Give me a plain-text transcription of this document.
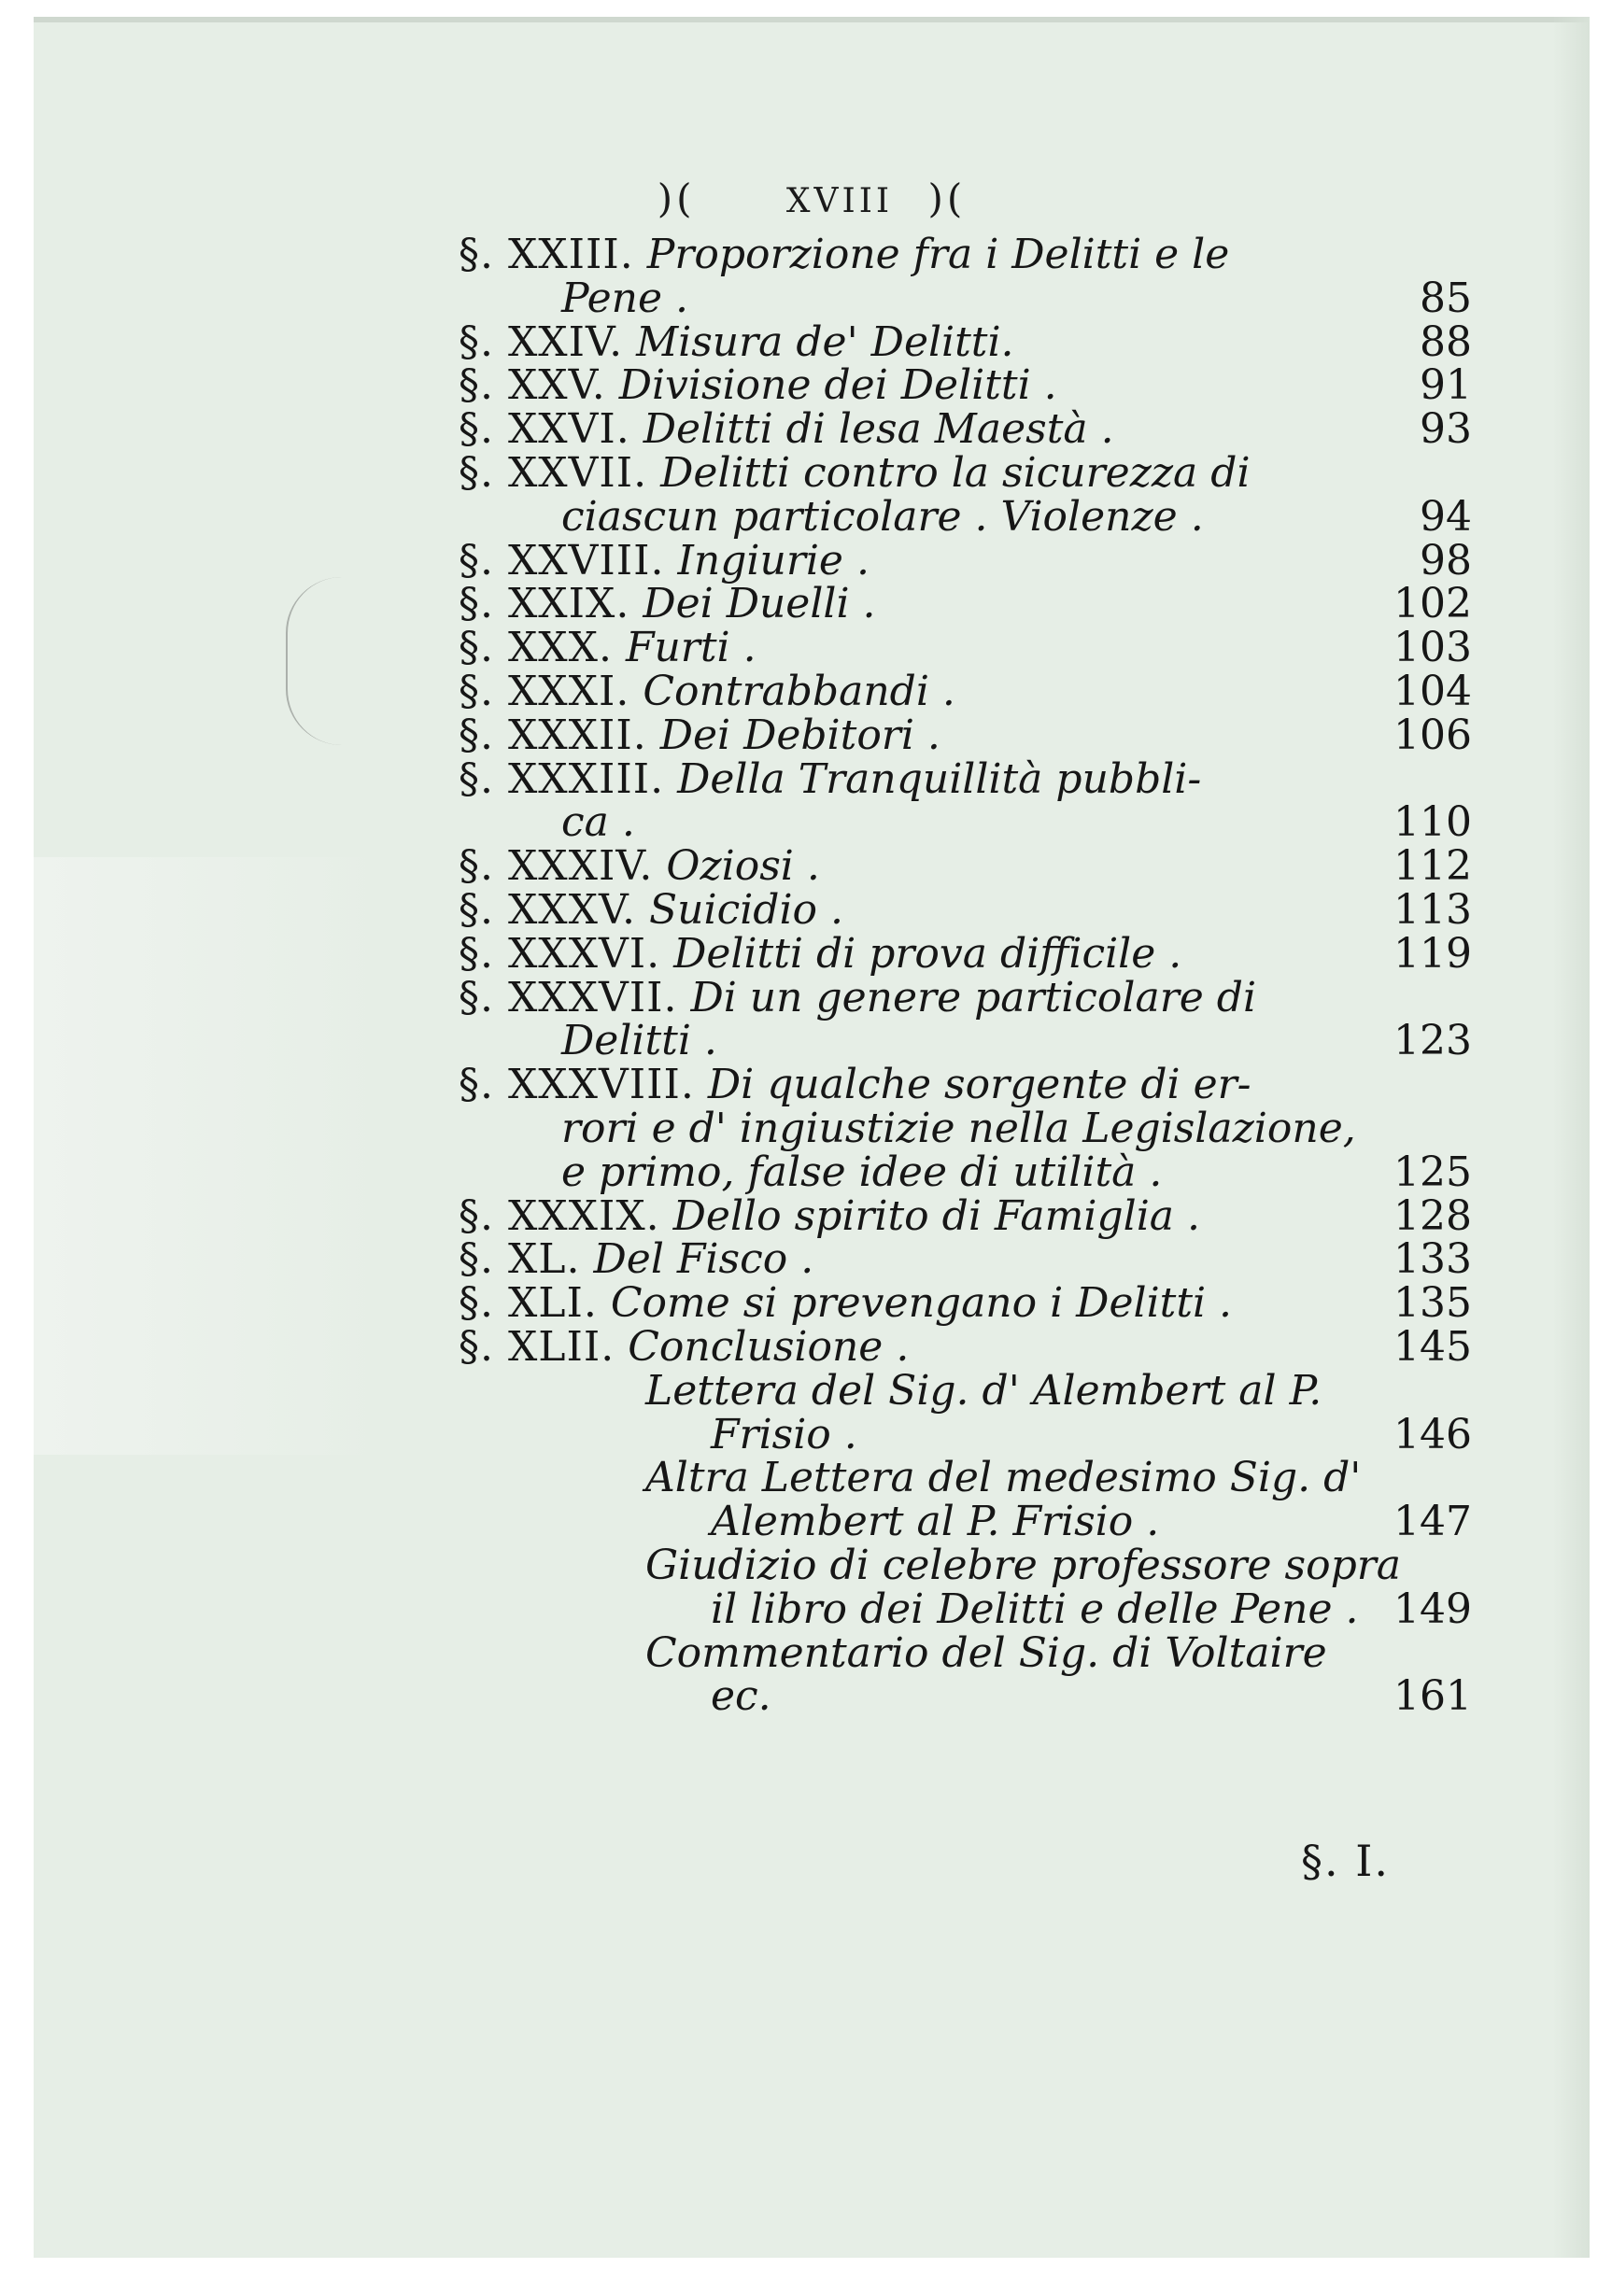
)(	XVIII )(
§. XXIII. Proporzione fra i Delitti e le
Pene .	85
§. XXIV. Misura de' Delitti.	88
§. XXV. Divisione dei Delitti .	91
§. XXVI. Delitti di lesa Maestà .	93
§. XXVII. Delitti contro la sicurezza di
ciascun particolare . Violenze .	94
§. XXVIII. Ingiurie .	98
§. XXIX. Dei Duelli .	102
§. XXX. Furti .	103
§. XXXI. Contrabbandi .	104
§. XXXII. Dei Debitori .	106
§. XXXIII. Della Tranquillità pubbli-
ca .	110
§. XXXIV. Oziosi .	112
§. XXXV. Suicidio .	113
§. XXXVI. Delitti di prova difficile .	119
§. XXXVII. Di un genere particolare di
Delitti .	123
§. XXXVIII. Di qualche sorgente di er-
rori e d' ingiustizie nella Legislazione,
e primo, false idee di utilità .	125
§. XXXIX. Dello spirito di Famiglia .	128
§. XL. Del Fisco .	133
§. XLI. Come si prevengano i Delitti .	135
§. XLII. Conclusione .	145
Lettera del Sig. d' Alembert al P.
Frisio .	146
Altra Lettera del medesimo Sig. d'
Alembert al P. Frisio .	147
Giudizio di celebre professore sopra
il libro dei Delitti e delle Pene . 149
Commentario del Sig. di Voltaire
ec.	161
§. I.
